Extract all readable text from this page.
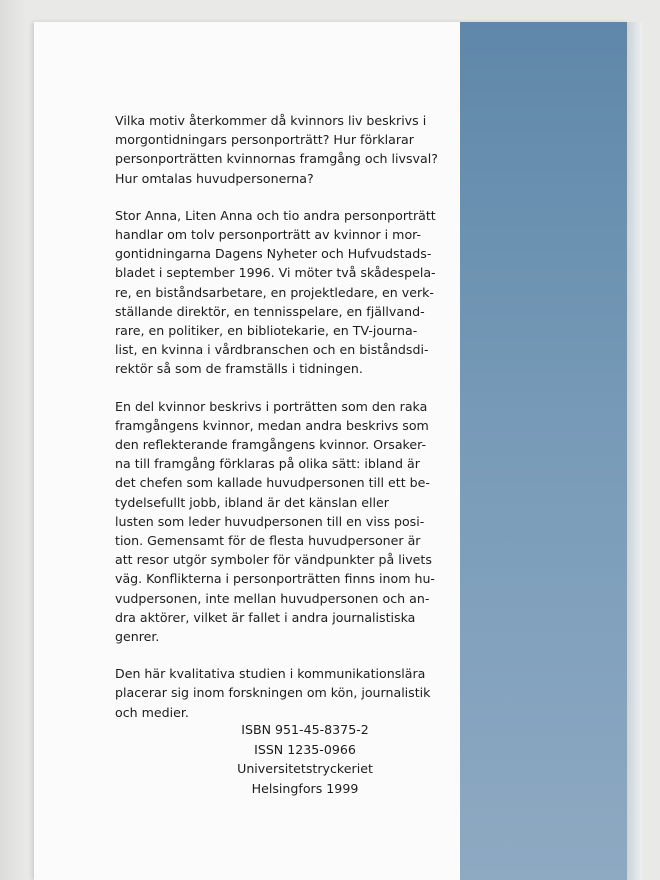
Vilka motiv återkommer då kvinnors liv beskrivs i
morgontidningars personporträtt? Hur förklarar
personporträtten kvinnornas framgång och livsval?
Hur omtalas huvudpersonerna?

Stor Anna, Liten Anna och tio andra personporträtt
handlar om tolv personporträtt av kvinnor i mor-
gontidningarna Dagens Nyheter och Hufvudstads-
bladet i september 1996. Vi möter två skådespela-
re, en biståndsarbetare, en projektledare, en verk-
ställande direktör, en tennisspelare, en fjällvand-
rare, en politiker, en bibliotekarie, en TV-journa-
list, en kvinna i vårdbranschen och en biståndsdi-
rektör så som de framställs i tidningen.

En del kvinnor beskrivs i porträtten som den raka
framgångens kvinnor, medan andra beskrivs som
den reflekterande framgångens kvinnor. Orsaker-
na till framgång förklaras på olika sätt: ibland är
det chefen som kallade huvudpersonen till ett be-
tydelsefullt jobb, ibland är det känslan eller
lusten som leder huvudpersonen till en viss posi-
tion. Gemensamt för de flesta huvudpersoner är
att resor utgör symboler för vändpunkter på livets
väg. Konflikterna i personporträtten finns inom hu-
vudpersonen, inte mellan huvudpersonen och an-
dra aktörer, vilket är fallet i andra journalistiska
genrer.

Den här kvalitativa studien i kommunikationslära
placerar sig inom forskningen om kön, journalistik
och medier.

ISBN 951-45-8375-2
ISSN 1235-0966
Universitetstryckeriet
Helsingfors 1999
